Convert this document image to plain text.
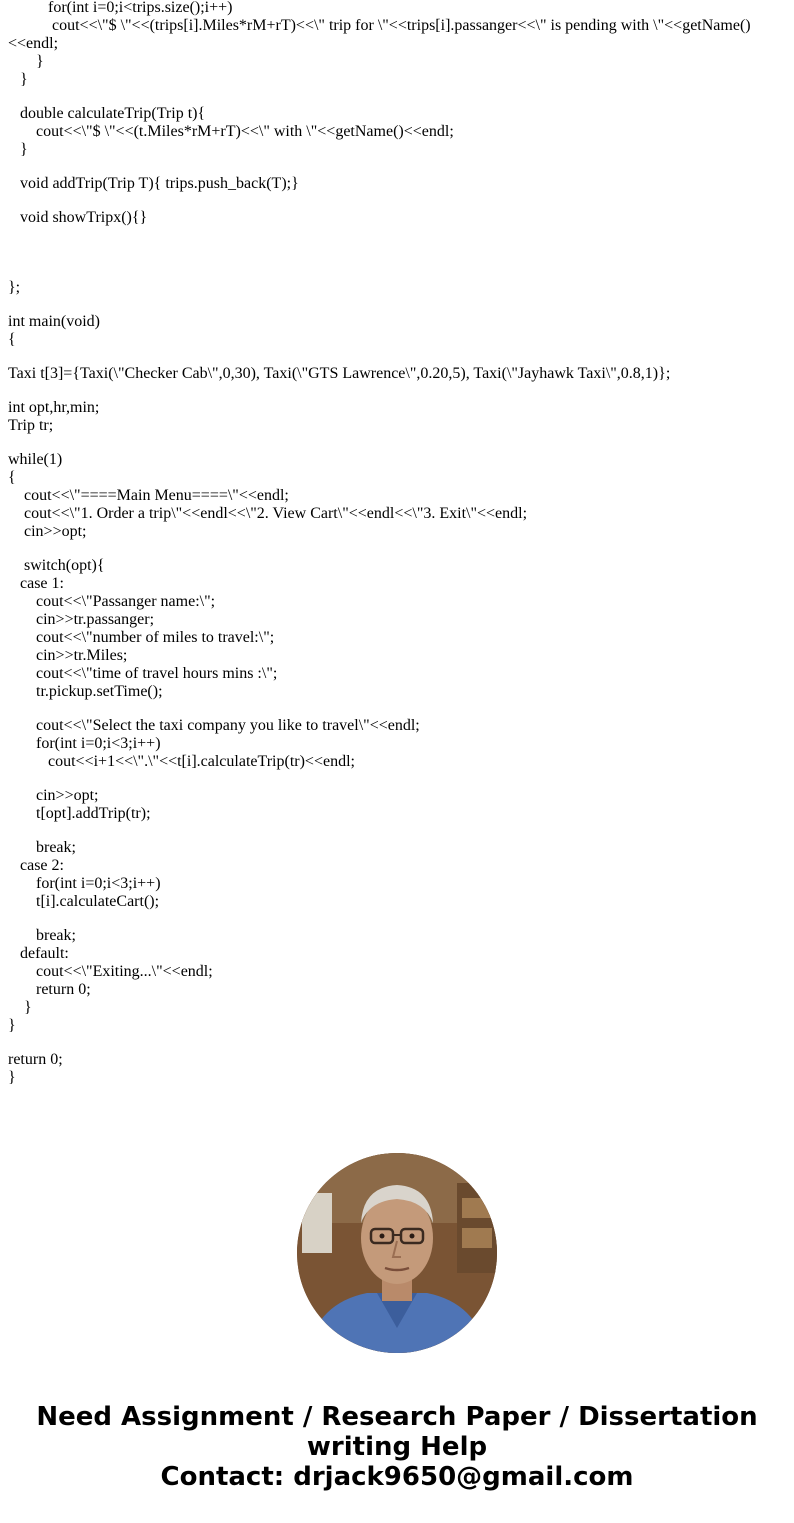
for(int i=0;i<trips.size();i++)
cout<<\"$ \"<<(trips[i].Miles*rM+rT)<<\" trip for \"<<trips[i].passanger<<\" is pending with \"<<getName()<<endl;
}
}
double calculateTrip(Trip t){
cout<<\"$ \"<<(t.Miles*rM+rT)<<\" with \"<<getName()<<endl;
}
void addTrip(Trip T){ trips.push_back(T);}
void showTripx(){}
};
int main(void)
{
Taxi t[3]={Taxi(\"Checker Cab\",0,30), Taxi(\"GTS Lawrence\",0.20,5), Taxi(\"Jayhawk Taxi\",0.8,1)};
int opt,hr,min;
Trip tr;
while(1)
{
cout<<\"====Main Menu====\"<<endl;
cout<<\"1. Order a trip\"<<endl<<\"2. View Cart\"<<endl<<\"3. Exit\"<<endl;
cin>>opt;
switch(opt){
case 1:
cout<<\"Passanger name:\";
cin>>tr.passanger;
cout<<\"number of miles to travel:\";
cin>>tr.Miles;
cout<<\"time of travel hours mins :\";
tr.pickup.setTime();
cout<<\"Select the taxi company you like to travel\"<<endl;
for(int i=0;i<3;i++)
cout<<i+1<<\".\"<<t[i].calculateTrip(tr)<<endl;
cin>>opt;
t[opt].addTrip(tr);
break;
case 2:
for(int i=0;i<3;i++)
t[i].calculateCart();
break;
default:
cout<<\"Exiting...\"<<endl;
return 0;
}
}
return 0;
}
Need Assignment / Research Paper / Dissertation
writing Help
Contact: drjack9650@gmail.com
